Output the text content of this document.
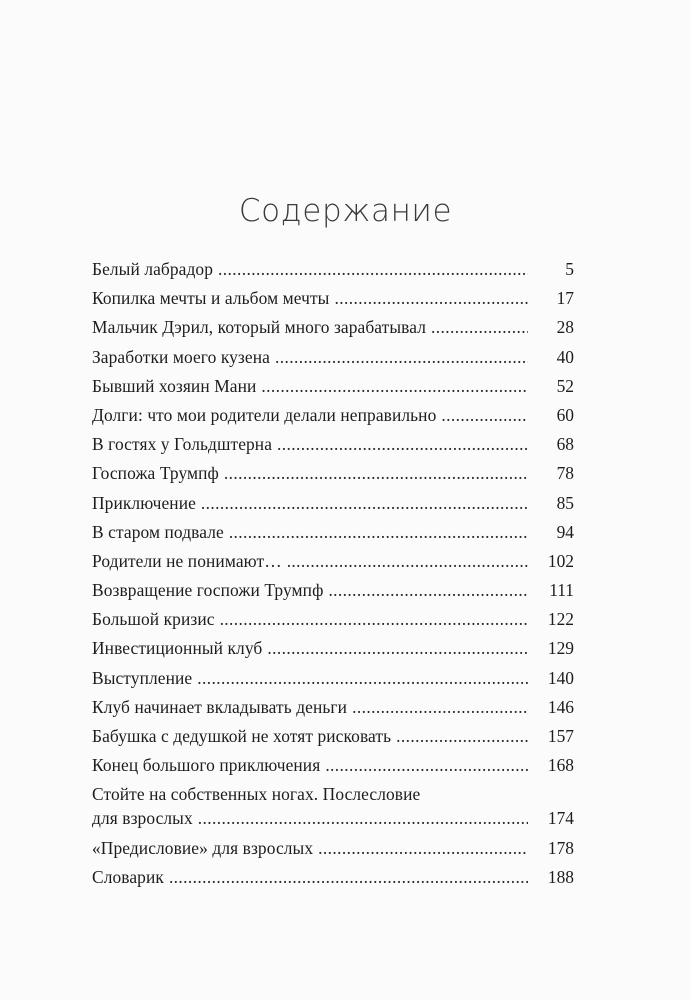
Содержание
Белый лабрадор .....	5
Копилка мечты и альбом мечты .....	17
Мальчик Дэрил, который много зарабатывал .....	28
Заработки моего кузена .....	40
Бывший хозяин Мани .....	52
Долги: что мои родители делали неправильно .....	60
В гостях у Гольдштерна .....	68
Госпожа Трумпф .....	78
Приключение .....	85
В старом подвале .....	94
Родители не понимают… .....	102
Возвращение госпожи Трумпф .....	111
Большой кризис .....	122
Инвестиционный клуб .....	129
Выступление .....	140
Клуб начинает вкладывать деньги .....	146
Бабушка с дедушкой не хотят рисковать .....	157
Конец большого приключения .....	168
Стойте на собственных ногах. Послесловие
для взрослых .....	174
«Предисловие» для взрослых .....	178
Словарик .....	188
